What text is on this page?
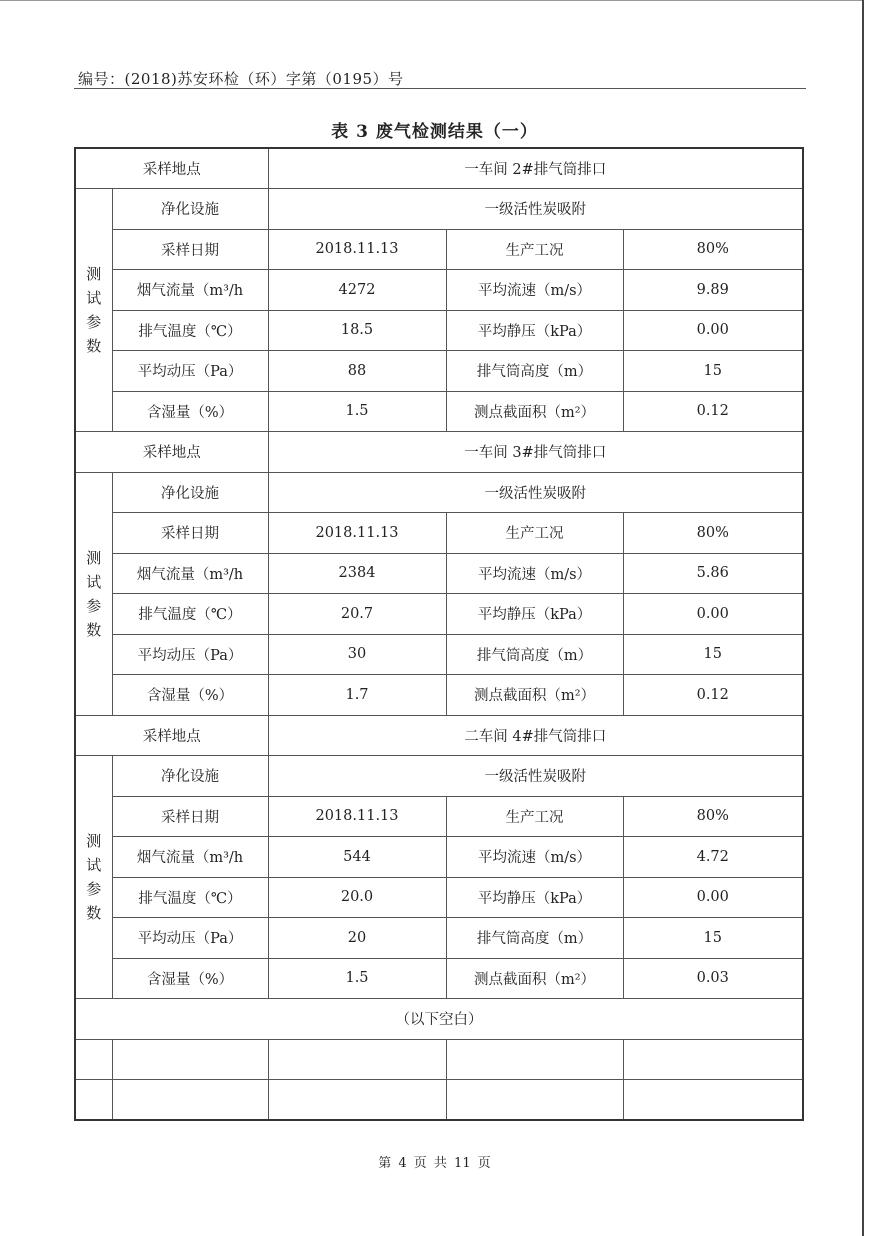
编号：(2018)苏安环检（环）字第（0195）号
表 3 废气检测结果（一）
采样地点		一车间 2#排气筒排口		
测试参数	净化设施	一级活性炭吸附		
	采样日期	2018.11.13	生产工况	80%
	烟气流量（m³/h	4272	平均流速（m/s）	9.89
	排气温度（℃）	18.5	平均静压（kPa）	0.00
	平均动压（Pa）	88	排气筒高度（m）	15
	含湿量（%）	1.5	测点截面积（m²）	0.12
采样地点		一车间 3#排气筒排口		
测试参数	净化设施	一级活性炭吸附		
	采样日期	2018.11.13	生产工况	80%
	烟气流量（m³/h	2384	平均流速（m/s）	5.86
	排气温度（℃）	20.7	平均静压（kPa）	0.00
	平均动压（Pa）	30	排气筒高度（m）	15
	含湿量（%）	1.7	测点截面积（m²）	0.12
采样地点		二车间 4#排气筒排口		
测试参数	净化设施	一级活性炭吸附		
	采样日期	2018.11.13	生产工况	80%
	烟气流量（m³/h	544	平均流速（m/s）	4.72
	排气温度（℃）	20.0	平均静压（kPa）	0.00
	平均动压（Pa）	20	排气筒高度（m）	15
	含湿量（%）	1.5	测点截面积（m²）	0.03
（以下空白）				

第 4 页 共 11 页
